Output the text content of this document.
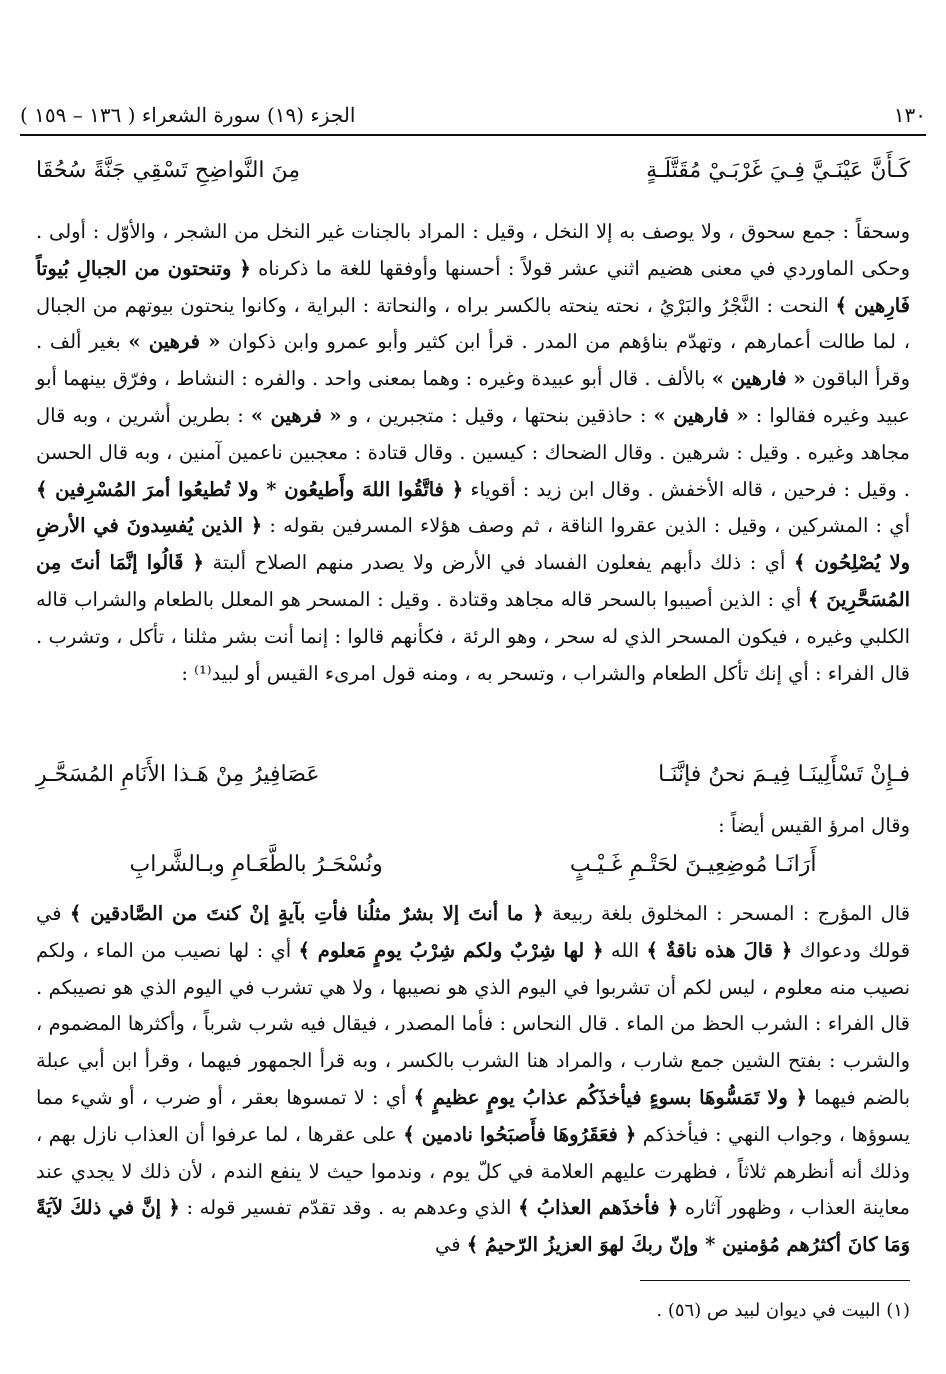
١٣٠
الجزء (١٩) سورة الشعراء ( ١٣٦ – ١٥٩ )
كَـأَنَّ عَيْنَـيَّ فِـيَ غَرْبَـيْ مُقَتَّلَـةٍ
مِنَ النَّواضِحِ تَسْقِي جَنَّةً سُحُقَا

وسحقاً : جمع سحوق ، ولا يوصف به إلا النخل ، وقيل : المراد بالجنات غير النخل من الشجر ، والأوّل : أولى . وحكى الماوردي في معنى هضيم اثني عشر قولاً : أحسنها وأوفقها للغة ما ذكرناه ﴿ وتنحتون من الجبالِ بُيوتاً فَارِهين ﴾ النحت : النَّجْرُ والبَرْيُ ، نحته ينحته بالكسر براه ، والنحاتة : البراية ، وكانوا ينحتون بيوتهم من الجبال ، لما طالت أعمارهم ، وتهدّم بناؤهم من المدر . قرأ ابن كثير وأبو عمرو وابن ذكوان « فرهين » بغير ألف . وقرأ الباقون « فارهين » بالألف . قال أبو عبيدة وغيره : وهما بمعنى واحد . والفره : النشاط ، وفرّق بينهما أبو عبيد وغيره فقالوا : « فارهين » : حاذقين بنحتها ، وقيل : متجبرين ، و « فرهين » : بطرين أشرين ، وبه قال مجاهد وغيره . وقيل : شرهين . وقال الضحاك : كيسين . وقال قتادة : معجبين ناعمين آمنين ، وبه قال الحسن . وقيل : فرحين ، قاله الأخفش . وقال ابن زيد : أقوياء ﴿ فاتَّقُوا اللهَ وأَطيعُون * ولا تُطيعُوا أمرَ المُسْرِفين ﴾ أي : المشركين ، وقيل : الذين عقروا الناقة ، ثم وصف هؤلاء المسرفين بقوله : ﴿ الذين يُفسِدونَ في الأرضِ ولا يُصْلِحُون ﴾ أي : ذلك دأبهم يفعلون الفساد في الأرض ولا يصدر منهم الصلاح ألبتة ﴿ قَالُوا إنَّمَا أنتَ مِن المُسَحَّرِينَ ﴾ أي : الذين أصيبوا بالسحر قاله مجاهد وقتادة . وقيل : المسحر هو المعلل بالطعام والشراب قاله الكلبي وغيره ، فيكون المسحر الذي له سحر ، وهو الرئة ، فكأنهم قالوا : إنما أنت بشر مثلنا ، تأكل ، وتشرب . قال الفراء : أي إنك تأكل الطعام والشراب ، وتسحر به ، ومنه قول امرىء القيس أو لبيد⁽¹⁾ :

فـإِنْ تَسْأَلِينَـا فِيـمَ نحنُ فإنَّنَـا
عَصَافِيرُ مِنْ هَـذا الأَنَامِ المُسَحَّـرِ

وقال امرؤ القيس أيضاً :

أَرَانَـا مُوضِعِيـنَ لحَتْـمِ غَـيْـبٍ
ونُسْحَـرُ بالطَّعَـامِ وبـالشَّرابِ

قال المؤرج : المسحر : المخلوق بلغة ربيعة ﴿ ما أنتَ إلا بشرٌ مثلُنا فأتِ بآيةٍ إنْ كنتَ من الصَّادقين ﴾ في قولك ودعواك ﴿ قالَ هذه ناقةٌ ﴾ الله ﴿ لها شِرْبٌ ولكم شِرْبُ يومٍ مَعلوم ﴾ أي : لها نصيب من الماء ، ولكم نصيب منه معلوم ، ليس لكم أن تشربوا في اليوم الذي هو نصيبها ، ولا هي تشرب في اليوم الذي هو نصيبكم . قال الفراء : الشرب الحظ من الماء . قال النحاس : فأما المصدر ، فيقال فيه شرب شرباً ، وأكثرها المضموم ، والشرب : بفتح الشين جمع شارب ، والمراد هنا الشرب بالكسر ، وبه قرأ الجمهور فيهما ، وقرأ ابن أبي عبلة بالضم فيهما ﴿ ولا تَمَسُّوهَا بسوءٍ فيأخذَكُم عذابُ يومٍ عظيمٍ ﴾ أي : لا تمسوها بعقر ، أو ضرب ، أو شيء مما يسوؤها ، وجواب النهي : فيأخذكم ﴿ فعَقَرُوهَا فأَصبَحُوا نادمين ﴾ على عقرها ، لما عرفوا أن العذاب نازل بهم ، وذلك أنه أنظرهم ثلاثاً ، فظهرت عليهم العلامة في كلّ يوم ، وندموا حيث لا ينفع الندم ، لأن ذلك لا يجدي عند معاينة العذاب ، وظهور آثاره ﴿ فأخذَهم العذابُ ﴾ الذي وعدهم به . وقد تقدّم تفسير قوله : ﴿ إنَّ في ذلكَ لآيَةً وَمَا كانَ أكثرُهم مُؤمنين * وإنّ ربكَ لهوَ العزيزُ الرّحيمُ ﴾ في

(١) البيت في ديوان لبيد ص (٥٦) .
